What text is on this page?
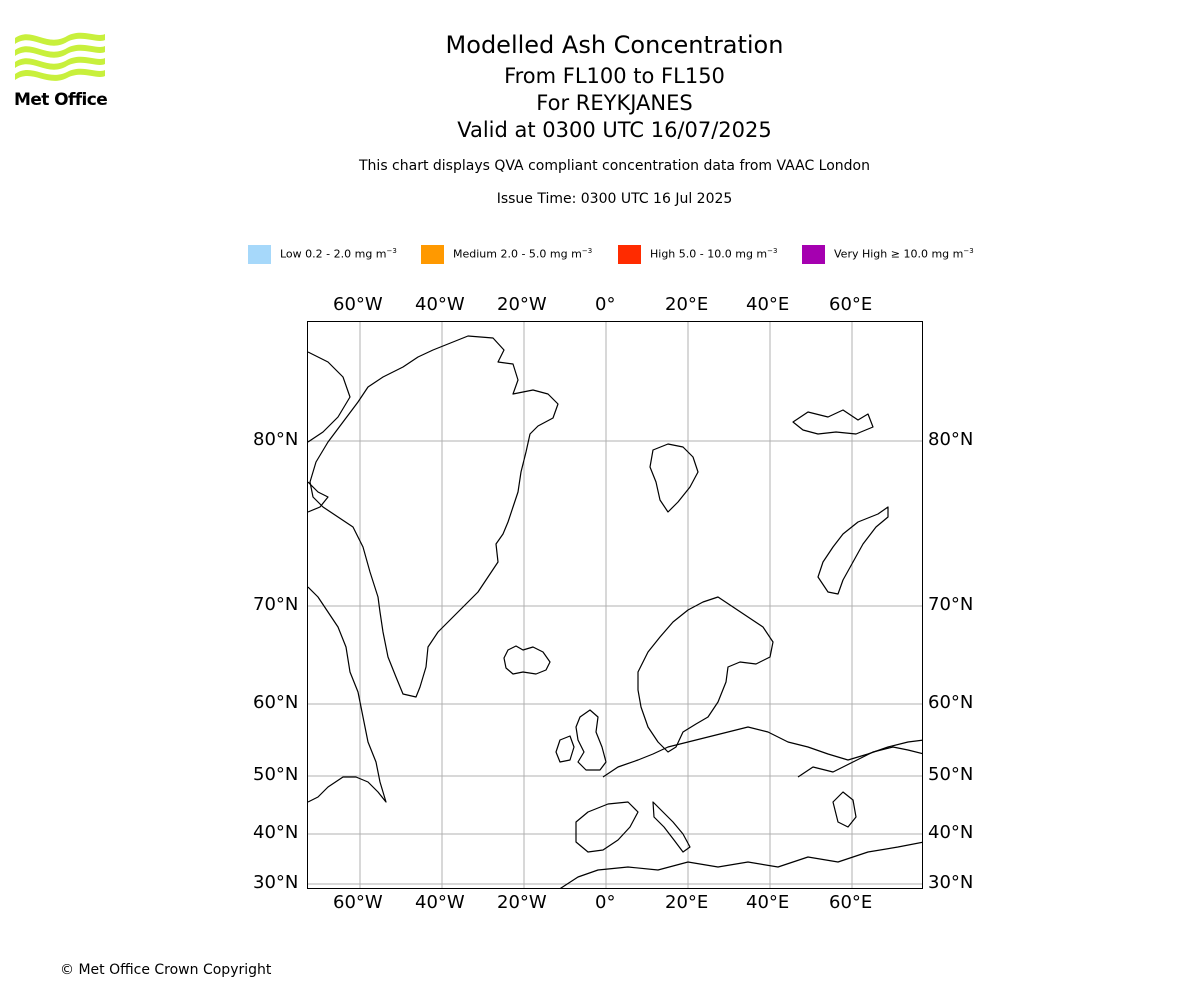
Met Office
Modelled Ash Concentration
From FL100 to FL150
For REYKJANES
Valid at 0300 UTC 16/07/2025
This chart displays QVA compliant concentration data from VAAC London
Issue Time: 0300 UTC 16 Jul 2025
Low 0.2 - 2.0 mg $m^{-3}$	Medium 2.0 - 5.0 mg $m^{-3}$	High 5.0 - 10.0 mg $m^{-3}$	Very High ≥ 10.0 mg $m^{-3}$
60°W 40°W 20°W	0°	20°E 40°E 60°E
60°W 40°W 20°W	0°	20°E 40°E 60°E
80°N
70°N
60°N
50°N
40°N
30°N
80°N
70°N
60°N
50°N
40°N
30°N
© Met Office Crown Copyright
